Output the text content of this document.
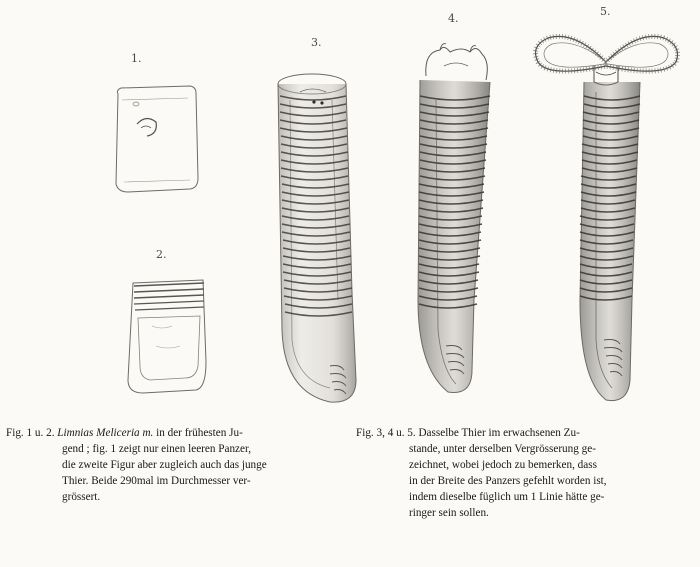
1.
2.
3.
4.
5.
Fig. 1 u. 2. Limnias Meliceria m. in der frühesten Ju-
gend ; fig. 1 zeigt nur einen leeren Panzer,
die zweite Figur aber zugleich auch das junge
Thier. Beide 290mal im Durchmesser ver-
grössert.
Fig. 3, 4 u. 5. Dasselbe Thier im erwachsenen Zu-
stande, unter derselben Vergrösserung ge-
zeichnet, wobei jedoch zu bemerken, dass
in der Breite des Panzers gefehlt worden ist,
indem dieselbe füglich um 1 Linie hätte ge-
ringer sein sollen.
